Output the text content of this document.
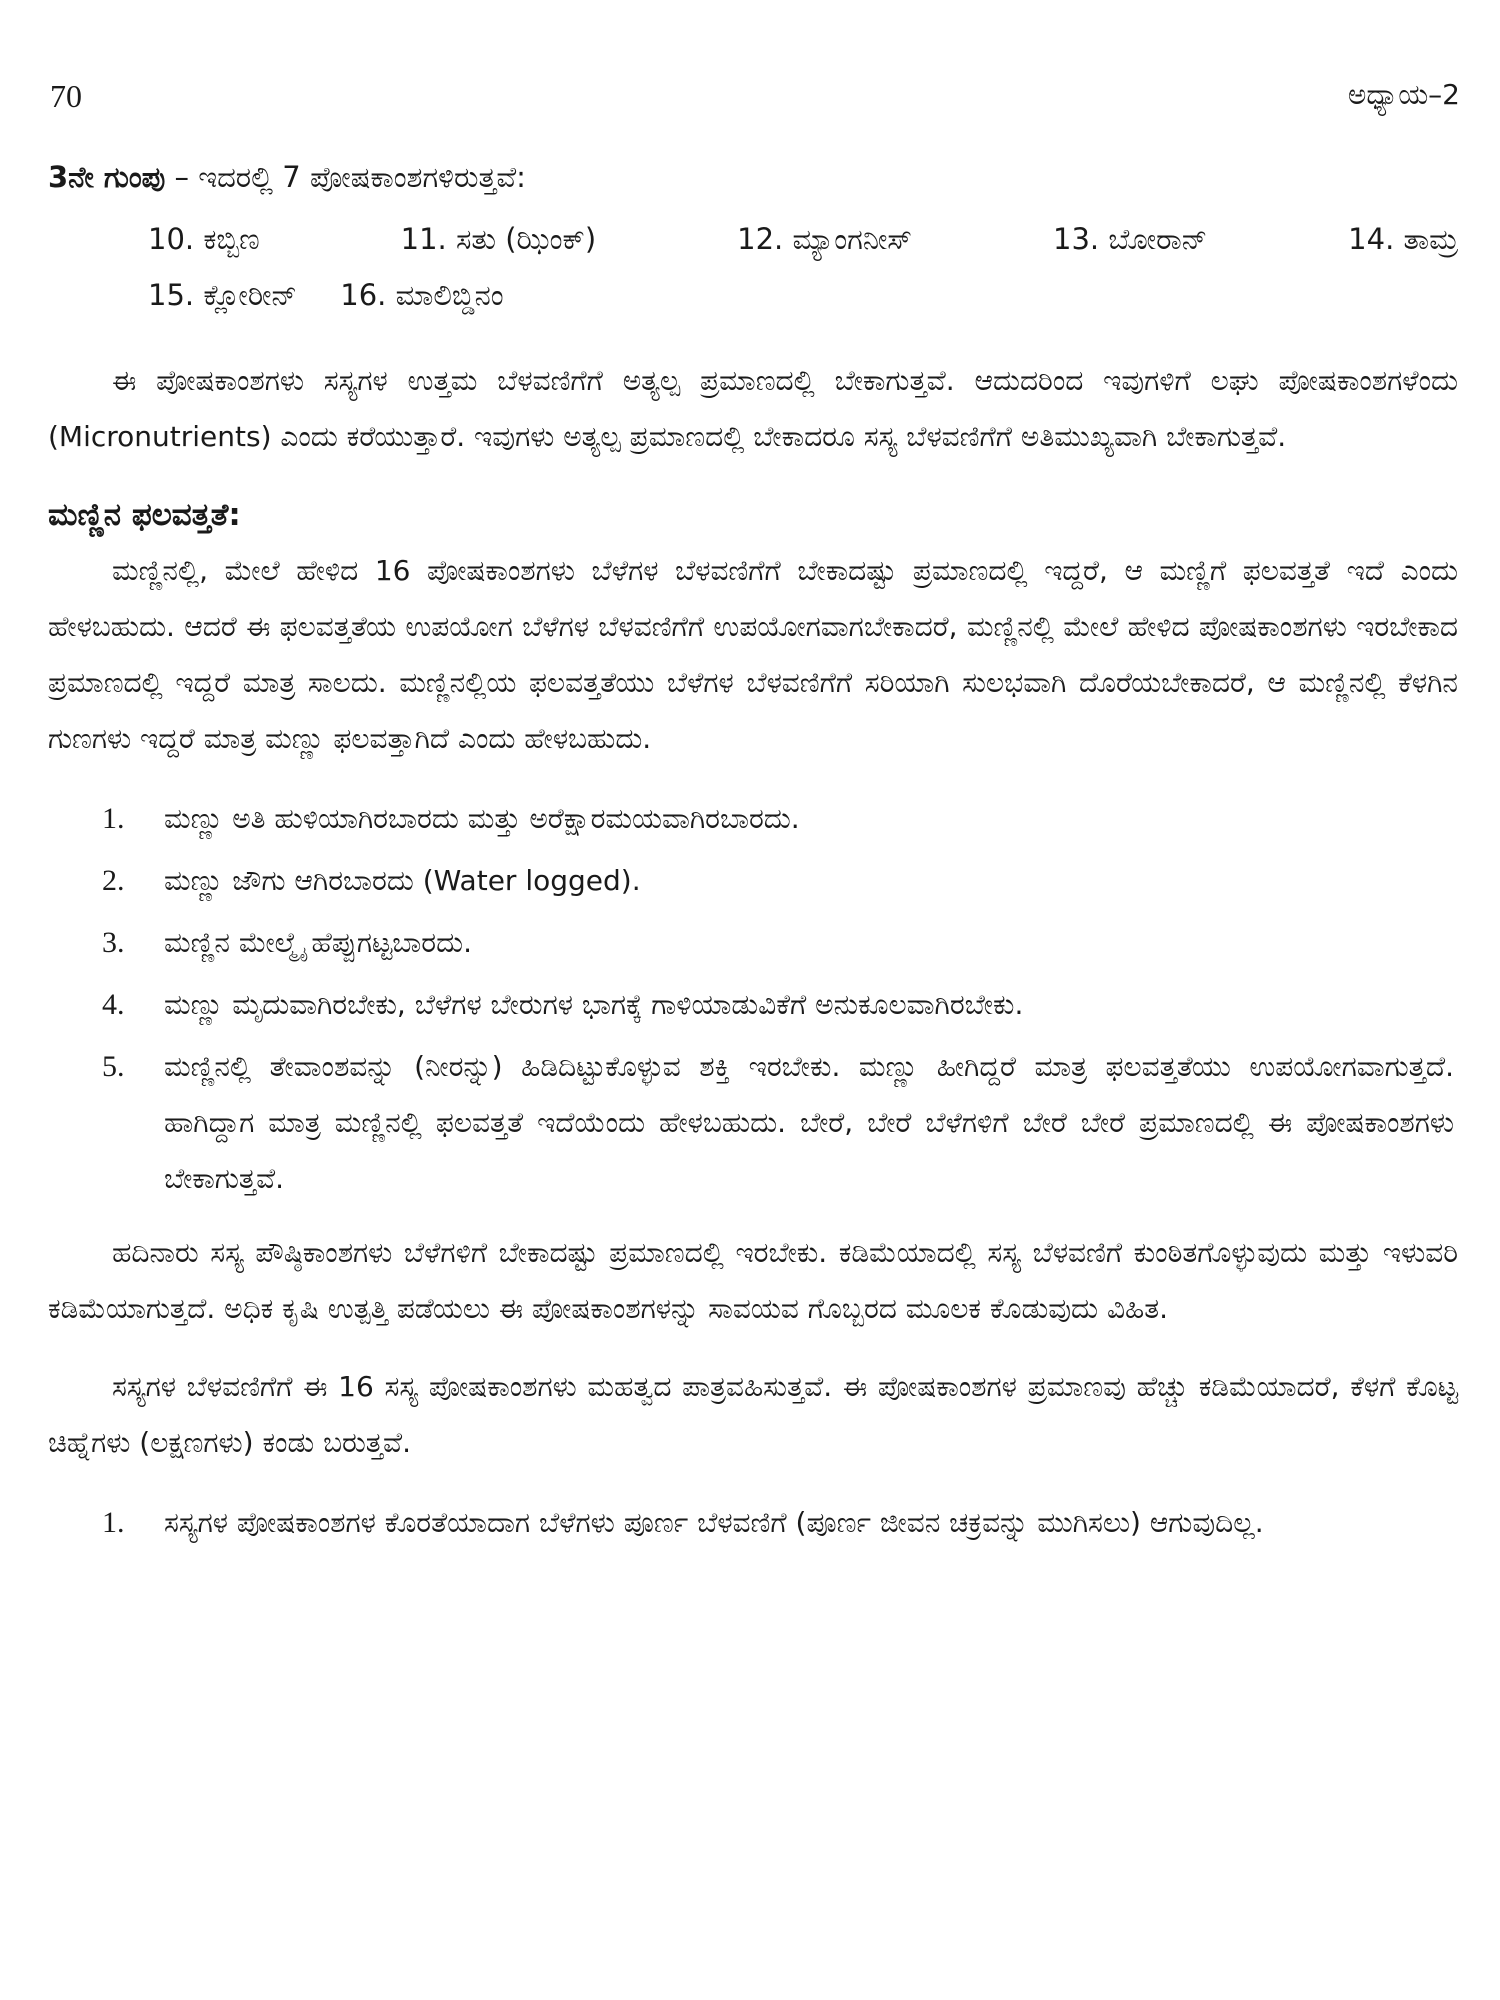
70	ಅಧ್ಯಾಯ–2
3ನೇ ಗುಂಪು – ಇದರಲ್ಲಿ 7 ಪೋಷಕಾಂಶಗಳಿರುತ್ತವೆ:
10. ಕಬ್ಬಿಣ	11. ಸತು (ಝಿಂಕ್)	12. ಮ್ಯಾಂಗನೀಸ್	13. ಬೋರಾನ್	14. ತಾಮ್ರ
15. ಕ್ಲೋರೀನ್ 16. ಮಾಲಿಬ್ಡಿನಂ

ಈ ಪೋಷಕಾಂಶಗಳು ಸಸ್ಯಗಳ ಉತ್ತಮ ಬೆಳವಣಿಗೆಗೆ ಅತ್ಯಲ್ಪ ಪ್ರಮಾಣದಲ್ಲಿ ಬೇಕಾಗುತ್ತವೆ. ಆದುದರಿಂದ ಇವುಗಳಿಗೆ ಲಘು ಪೋಷಕಾಂಶಗಳೆಂದು (Micronutrients) ಎಂದು ಕರೆಯುತ್ತಾರೆ. ಇವುಗಳು ಅತ್ಯಲ್ಪ ಪ್ರಮಾಣದಲ್ಲಿ ಬೇಕಾದರೂ ಸಸ್ಯ ಬೆಳವಣಿಗೆಗೆ ಅತಿಮುಖ್ಯವಾಗಿ ಬೇಕಾಗುತ್ತವೆ.

ಮಣ್ಣಿನ ಫಲವತ್ತತೆ:

ಮಣ್ಣಿನಲ್ಲಿ, ಮೇಲೆ ಹೇಳಿದ 16 ಪೋಷಕಾಂಶಗಳು ಬೆಳೆಗಳ ಬೆಳವಣಿಗೆಗೆ ಬೇಕಾದಷ್ಟು ಪ್ರಮಾಣದಲ್ಲಿ ಇದ್ದರೆ, ಆ ಮಣ್ಣಿಗೆ ಫಲವತ್ತತೆ ಇದೆ ಎಂದು ಹೇಳಬಹುದು. ಆದರೆ ಈ ಫಲವತ್ತತೆಯ ಉಪಯೋಗ ಬೆಳೆಗಳ ಬೆಳವಣಿಗೆಗೆ ಉಪಯೋಗವಾಗಬೇಕಾದರೆ, ಮಣ್ಣಿನಲ್ಲಿ ಮೇಲೆ ಹೇಳಿದ ಪೋಷಕಾಂಶಗಳು ಇರಬೇಕಾದ ಪ್ರಮಾಣದಲ್ಲಿ ಇದ್ದರೆ ಮಾತ್ರ ಸಾಲದು. ಮಣ್ಣಿನಲ್ಲಿಯ ಫಲವತ್ತತೆಯು ಬೆಳೆಗಳ ಬೆಳವಣಿಗೆಗೆ ಸರಿಯಾಗಿ ಸುಲಭವಾಗಿ ದೊರೆಯಬೇಕಾದರೆ, ಆ ಮಣ್ಣಿನಲ್ಲಿ ಕೆಳಗಿನ ಗುಣಗಳು ಇದ್ದರೆ ಮಾತ್ರ ಮಣ್ಣು ಫಲವತ್ತಾಗಿದೆ ಎಂದು ಹೇಳಬಹುದು.

1.	ಮಣ್ಣು ಅತಿ ಹುಳಿಯಾಗಿರಬಾರದು ಮತ್ತು ಅರೆಕ್ಷಾರಮಯವಾಗಿರಬಾರದು.
2.	ಮಣ್ಣು ಜೌಗು ಆಗಿರಬಾರದು (Water logged).
3.	ಮಣ್ಣಿನ ಮೇಲ್ಮೈ ಹೆಪ್ಪುಗಟ್ಟಬಾರದು.
4.	ಮಣ್ಣು ಮೃದುವಾಗಿರಬೇಕು, ಬೆಳೆಗಳ ಬೇರುಗಳ ಭಾಗಕ್ಕೆ ಗಾಳಿಯಾಡುವಿಕೆಗೆ ಅನುಕೂಲವಾಗಿರಬೇಕು.
5.	ಮಣ್ಣಿನಲ್ಲಿ ತೇವಾಂಶವನ್ನು (ನೀರನ್ನು) ಹಿಡಿದಿಟ್ಟುಕೊಳ್ಳುವ ಶಕ್ತಿ ಇರಬೇಕು. ಮಣ್ಣು ಹೀಗಿದ್ದರೆ ಮಾತ್ರ ಫಲವತ್ತತೆಯು ಉಪಯೋಗವಾಗುತ್ತದೆ. ಹಾಗಿದ್ದಾಗ ಮಾತ್ರ ಮಣ್ಣಿನಲ್ಲಿ ಫಲವತ್ತತೆ ಇದೆಯೆಂದು ಹೇಳಬಹುದು. ಬೇರೆ, ಬೇರೆ ಬೆಳೆಗಳಿಗೆ ಬೇರೆ ಬೇರೆ ಪ್ರಮಾಣದಲ್ಲಿ ಈ ಪೋಷಕಾಂಶಗಳು ಬೇಕಾಗುತ್ತವೆ.

ಹದಿನಾರು ಸಸ್ಯ ಪೌಷ್ಠಿಕಾಂಶಗಳು ಬೆಳೆಗಳಿಗೆ ಬೇಕಾದಷ್ಟು ಪ್ರಮಾಣದಲ್ಲಿ ಇರಬೇಕು. ಕಡಿಮೆಯಾದಲ್ಲಿ ಸಸ್ಯ ಬೆಳವಣಿಗೆ ಕುಂಠಿತಗೊಳ್ಳುವುದು ಮತ್ತು ಇಳುವರಿ ಕಡಿಮೆಯಾಗುತ್ತದೆ. ಅಧಿಕ ಕೃಷಿ ಉತ್ಪತ್ತಿ ಪಡೆಯಲು ಈ ಪೋಷಕಾಂಶಗಳನ್ನು ಸಾವಯವ ಗೊಬ್ಬರದ ಮೂಲಕ ಕೊಡುವುದು ವಿಹಿತ.

ಸಸ್ಯಗಳ ಬೆಳವಣಿಗೆಗೆ ಈ 16 ಸಸ್ಯ ಪೋಷಕಾಂಶಗಳು ಮಹತ್ವದ ಪಾತ್ರವಹಿಸುತ್ತವೆ. ಈ ಪೋಷಕಾಂಶಗಳ ಪ್ರಮಾಣವು ಹೆಚ್ಚು ಕಡಿಮೆಯಾದರೆ, ಕೆಳಗೆ ಕೊಟ್ಟ ಚಿಹ್ನೆಗಳು (ಲಕ್ಷಣಗಳು) ಕಂಡು ಬರುತ್ತವೆ.

1.	ಸಸ್ಯಗಳ ಪೋಷಕಾಂಶಗಳ ಕೊರತೆಯಾದಾಗ ಬೆಳೆಗಳು ಪೂರ್ಣ ಬೆಳವಣಿಗೆ (ಪೂರ್ಣ ಜೀವನ ಚಕ್ರವನ್ನು ಮುಗಿಸಲು) ಆಗುವುದಿಲ್ಲ.
